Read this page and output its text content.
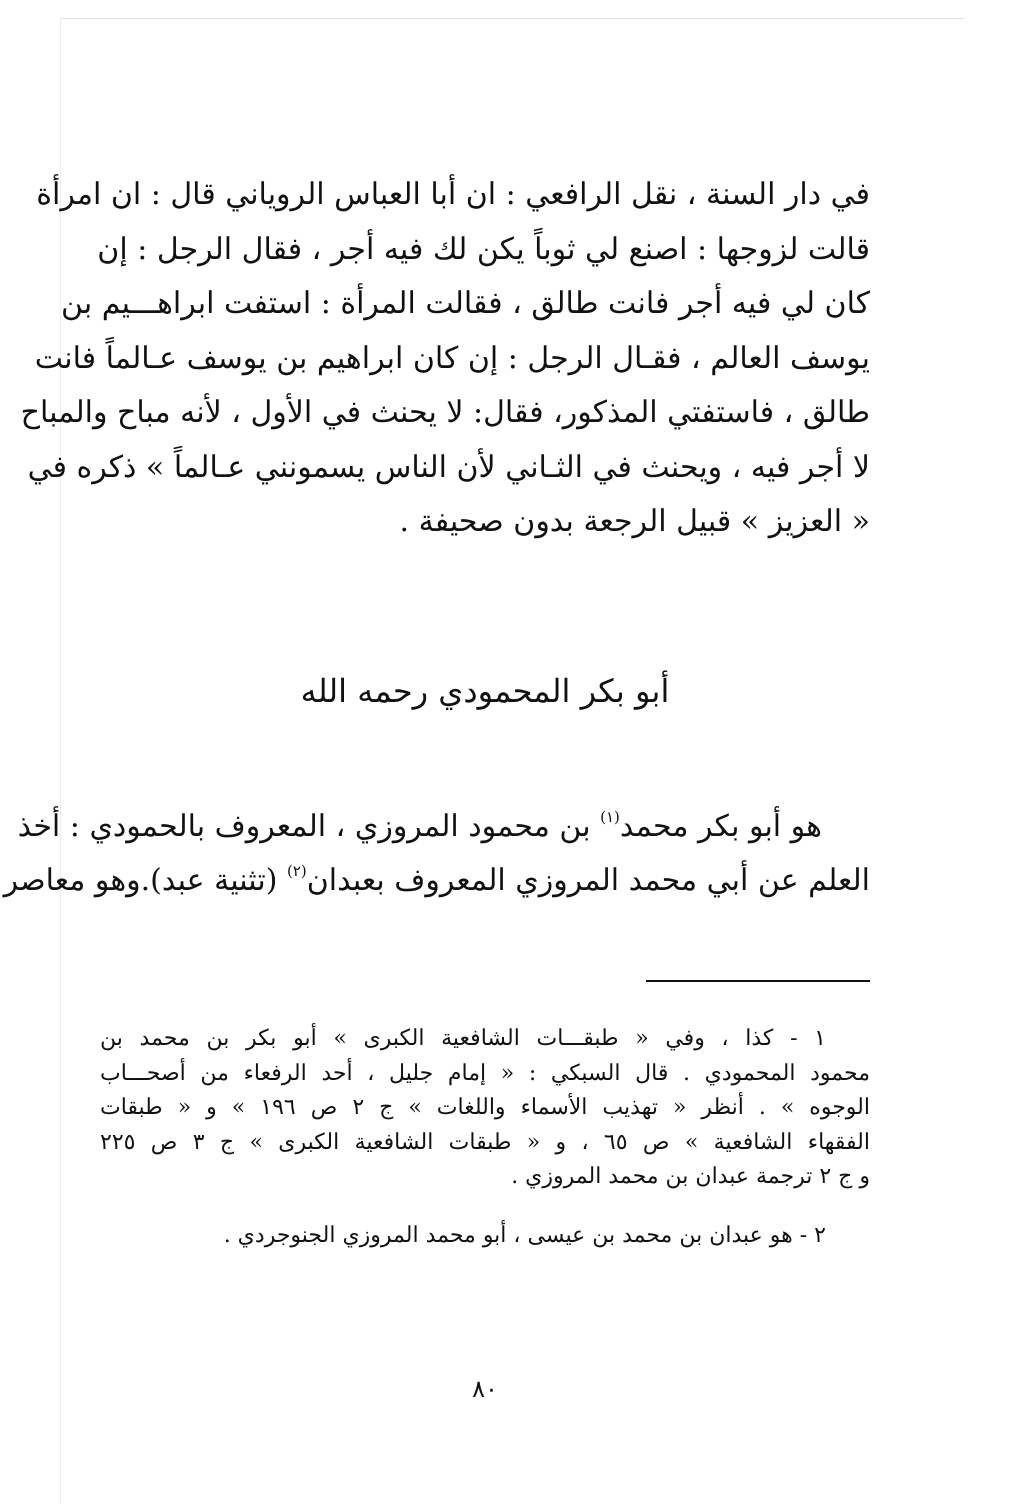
في دار السنة ، نقل الرافعي : ان أبا العباس الروياني قال : ان امرأة
قالت لزوجها : اصنع لي ثوباً يكن لك فيه أجر ، فقال الرجل : إن
كان لي فيه أجر فانت طالق ، فقالت المرأة : استفت ابراهـــيم بن
يوسف العالم ، فقـال الرجل : إن كان ابراهيم بن يوسف عـالماً فانت
طالق ، فاستفتي المذكور، فقال: لا يحنث في الأول ، لأنه مباح والمباح
لا أجر فيه ، ويحنث في الثـاني لأن الناس يسمونني عـالماً » ذكره في
« العزيز » قبيل الرجعة بدون صحيفة .

أبو بكر المحمودي رحمه الله

هو أبو بكر محمد$^{(١)}$ بن محمود المروزي ، المعروف بالحمودي : أخذ
العلم عن أبي محمد المروزي المعروف بعبدان$^{(٢)}$ (تثنية عبد).وهو معاصر

١ - كذا ، وفي « طبقـــات الشافعية الكبرى » أبو بكر بن محمد بن
محمود المحمودي . قال السبكي : « إمام جليل ، أحد الرفعاء من أصحـــاب
الوجوه » . أنظر « تهذيب الأسماء واللغات » ج ٢ ص ١٩٦ » و « طبقات
الفقهاء الشافعية » ص ٦٥ ، و « طبقات الشافعية الكبرى » ج ٣ ص ٢٢٥
و ج ٢ ترجمة عبدان بن محمد المروزي .
٢ - هو عبدان بن محمد بن عيسى ، أبو محمد المروزي الجنوجردي .
٨٠
